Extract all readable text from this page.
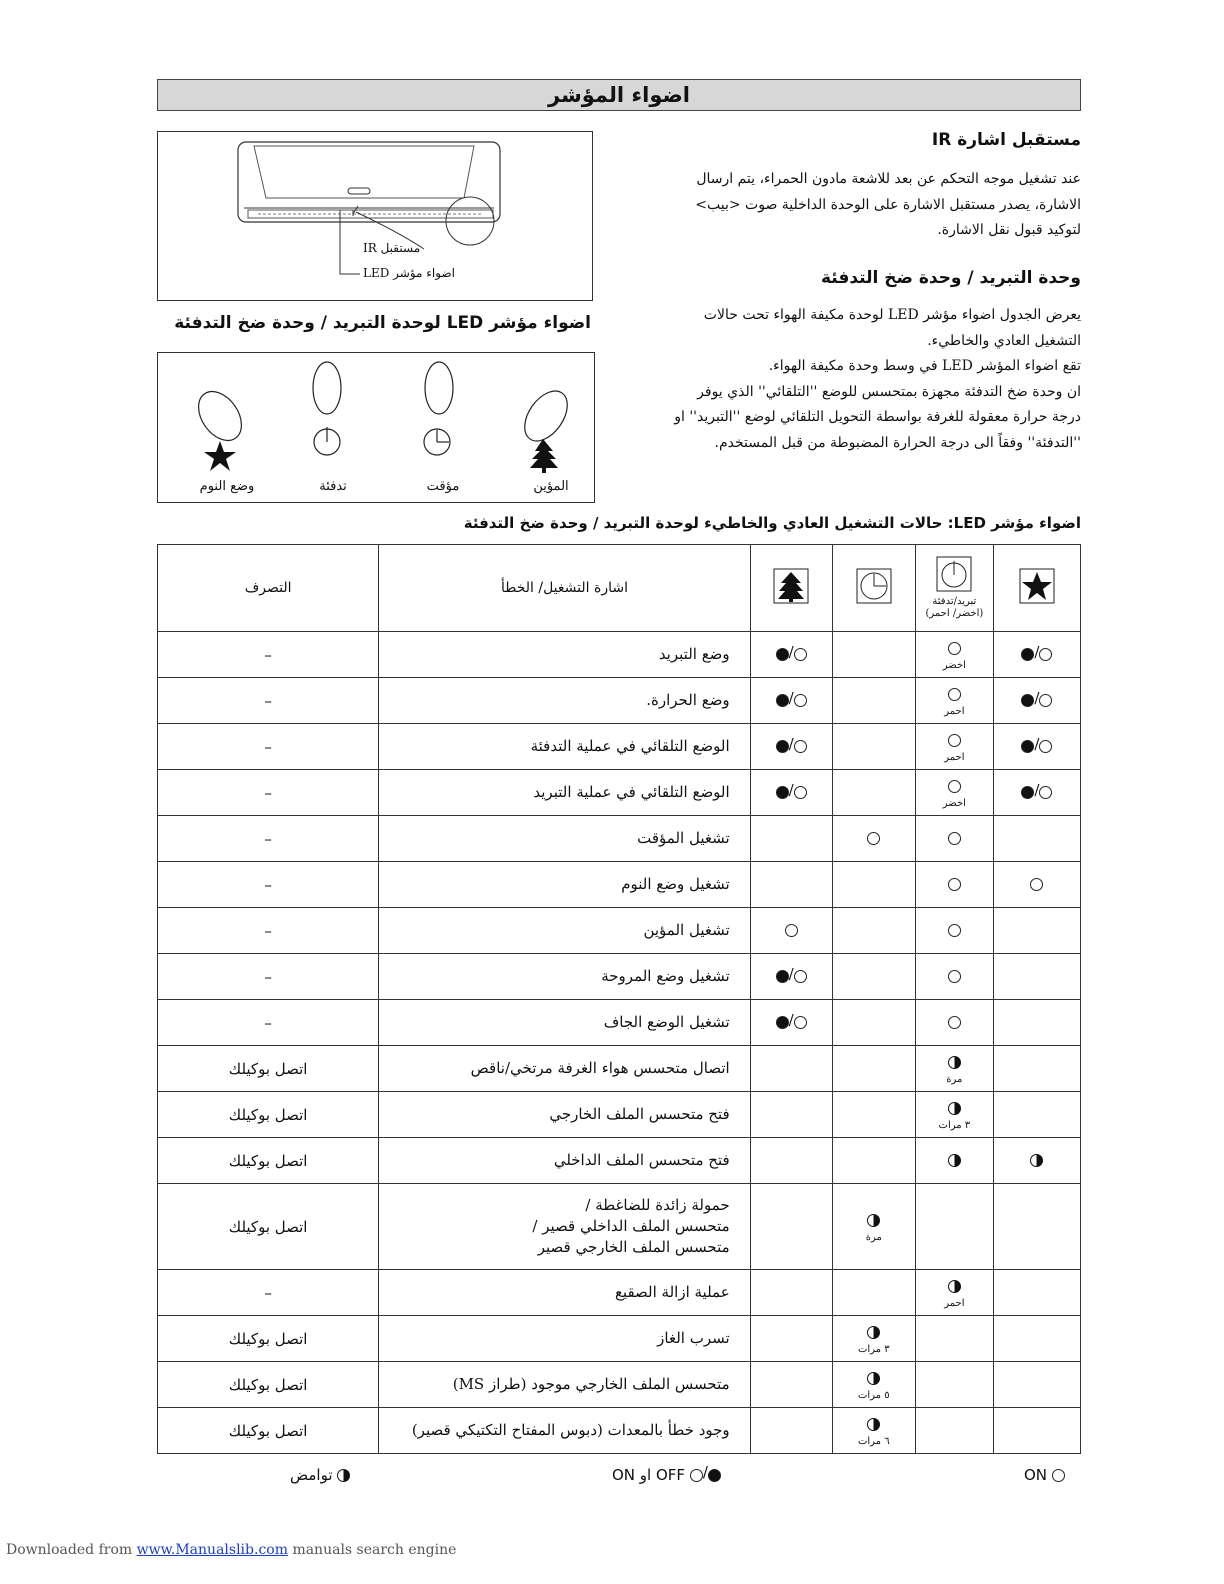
اضواء المؤشر
مستقبل اشارة IR
عند تشغيل موجه التحكم عن بعد للاشعة مادون الحمراء، يتم ارسال
الاشارة، يصدر مستقبل الاشارة على الوحدة الداخلية صوت <بيب>
لتوكيد قبول نقل الاشارة.
وحدة التبريد / وحدة ضخ التدفئة
يعرض الجدول اضواء مؤشر LED لوحدة مكيفة الهواء تحت حالات
التشغيل العادي والخاطيء.
تقع اضواء المؤشر LED في وسط وحدة مكيفة الهواء.
ان وحدة ضخ التدفئة مجهزة بمتحسس للوضع ''التلقائي'' الذي يوفر
درجة حرارة معقولة للغرفة بواسطة التحويل التلقائي لوضع ''التبريد'' او
''التدفئة'' وفقاً الى درجة الحرارة المضبوطة من قبل المستخدم.
مستقبل IR
اضواء مؤشر LED
اضواء مؤشر LED لوحدة التبريد / وحدة ضخ التدفئة
وضع النوم	تدفئة	مؤقت	المؤين
اضواء مؤشر LED: حالات التشغيل العادي والخاطيء لوحدة التبريد / وحدة ضخ التدفئة

تبريد/تدفئة
(اخضر/ احمر)			اشارة التشغيل/ الخطأ	التصرف
/	اخضر		/	وضع التبريد	–
/	احمر		/	وضع الحرارة.	–
/	احمر		/	الوضع التلقائي في عملية التدفئة	–
/	اخضر		/	الوضع التلقائي في عملية التبريد	–
				تشغيل المؤقت	–
				تشغيل وضع النوم	–
				تشغيل المؤين	–
			/	تشغيل وضع المروحة	–
			/	تشغيل الوضع الجاف	–

	مرة			اتصال متحسس هواء الغرفة مرتخي/ناقص	اتصل بوكيلك

	٣ مرات			فتح متحسس الملف الخارجي	اتصل بوكيلك
				فتح متحسس الملف الداخلي	اتصل بوكيلك

		مرة		حمولة زائدة للضاغطة /
متحسس الملف الداخلي قصير /
متحسس الملف الخارجي قصير	اتصل بوكيلك

	احمر			عملية ازالة الصقيع	–

		٣ مرات		تسرب الغاز	اتصل بوكيلك

		٥ مرات		متحسس الملف الخارجي موجود (طراز MS)	اتصل بوكيلك

		٦ مرات		وجود خطأ بالمعدات (دبوس المفتاح التكتيكي قصير)	اتصل بوكيلك
ON
ON او OFF /
توامض
Downloaded from www.Manualslib.com manuals search engine
